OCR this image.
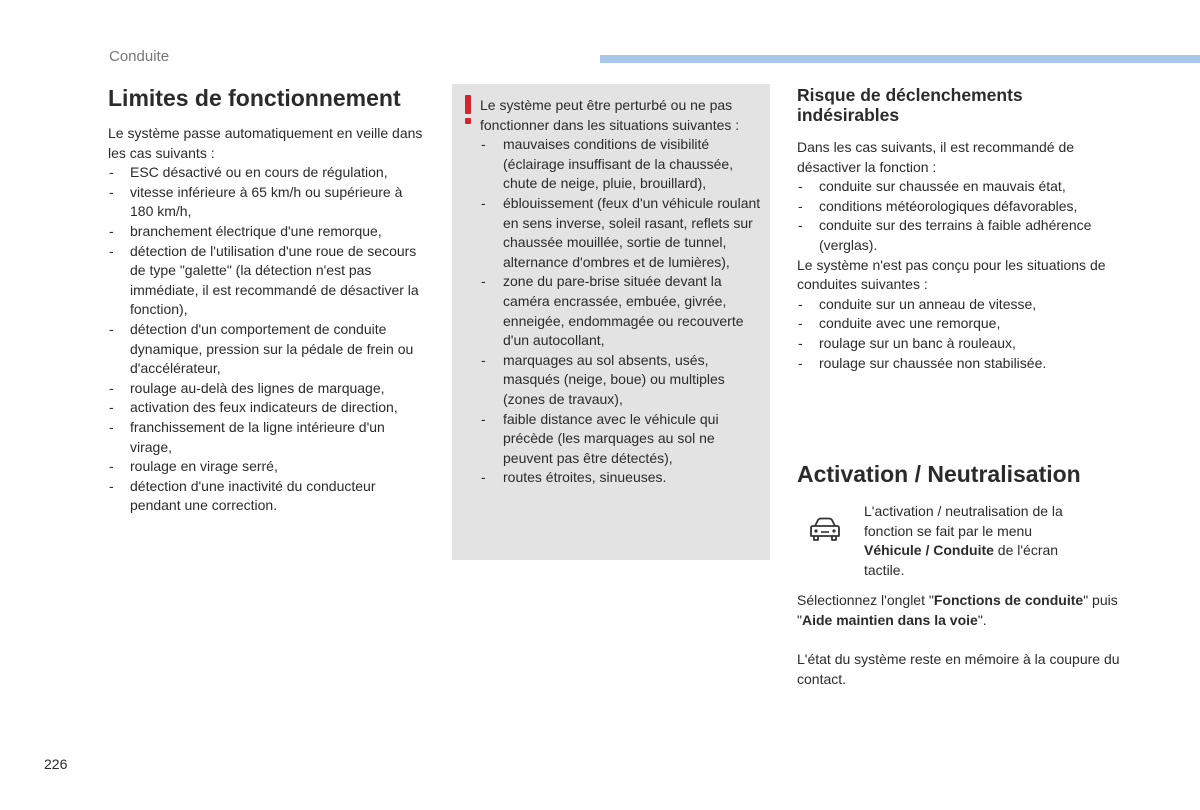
Conduite
Limites de fonctionnement

Le système passe automatiquement en veille dans les cas suivants :

- ESC désactivé ou en cours de régulation,
- vitesse inférieure à 65 km/h ou supérieure à 180 km/h,
- branchement électrique d'une remorque,
- détection de l'utilisation d'une roue de secours de type "galette" (la détection n'est pas immédiate, il est recommandé de désactiver la fonction),
- détection d'un comportement de conduite dynamique, pression sur la pédale de frein ou d'accélérateur,
- roulage au-delà des lignes de marquage,
- activation des feux indicateurs de direction,
- franchissement de la ligne intérieure d'un virage,
- roulage en virage serré,
- détection d'une inactivité du conducteur pendant une correction.

Le système peut être perturbé ou ne pas fonctionner dans les situations suivantes :

- mauvaises conditions de visibilité (éclairage insuffisant de la chaussée, chute de neige, pluie, brouillard),
- éblouissement (feux d'un véhicule roulant en sens inverse, soleil rasant, reflets sur chaussée mouillée, sortie de tunnel, alternance d'ombres et de lumières),
- zone du pare-brise située devant la caméra encrassée, embuée, givrée, enneigée, endommagée ou recouverte d'un autocollant,
- marquages au sol absents, usés, masqués (neige, boue) ou multiples (zones de travaux),
- faible distance avec le véhicule qui précède (les marquages au sol ne peuvent pas être détectés),
- routes étroites, sinueuses.
Risque de déclenchements indésirables

Dans les cas suivants, il est recommandé de désactiver la fonction :

- conduite sur chaussée en mauvais état,
- conditions météorologiques défavorables,
- conduite sur des terrains à faible adhérence (verglas).

Le système n'est pas conçu pour les situations de conduites suivantes :

- conduite sur un anneau de vitesse,
- conduite avec une remorque,
- roulage sur un banc à rouleaux,
- roulage sur chaussée non stabilisée.
Activation / Neutralisation
L'activation / neutralisation de la fonction se fait par le menu Véhicule / Conduite de l'écran tactile.

Sélectionnez l'onglet "Fonctions de conduite" puis "Aide maintien dans la voie".

L'état du système reste en mémoire à la coupure du contact.

226
